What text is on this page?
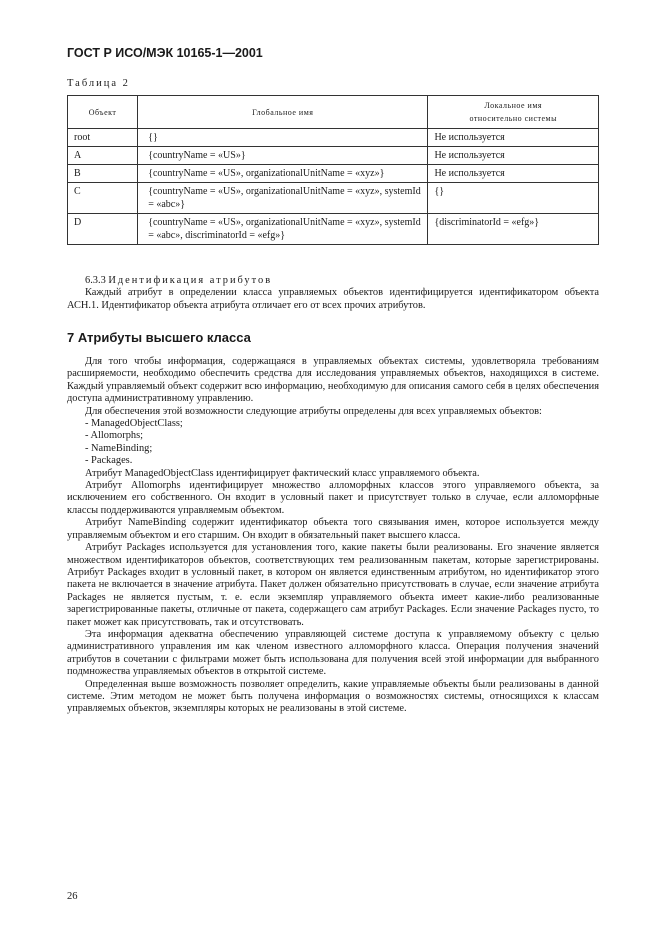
ГОСТ Р ИСО/МЭК 10165-1—2001
Таблица 2
Объект	Глобальное имя	Локальное имя
относительно системы
root	{}	Не используется
A	{countryName = «US»}	Не используется
B	{countryName = «US», organizationalUnitName = «xyz»}	Не используется
C	{countryName = «US», organizationalUnitName = «xyz», systemId = «abc»}	{}
D	{countryName = «US», organizationalUnitName = «xyz», systemId = «abc», discriminatorId = «efg»}	{discriminatorId = «efg»}

6.3.3 Идентификация атрибутов

Каждый атрибут в определении класса управляемых объектов идентифицируется идентификатором объекта АСН.1. Идентификатор объекта атрибута отличает его от всех прочих атрибутов.

7 Атрибуты высшего класса

Для того чтобы информация, содержащаяся в управляемых объектах системы, удовлетворяла требованиям расширяемости, необходимо обеспечить средства для исследования управляемых объектов, находящихся в системе. Каждый управляемый объект содержит всю информацию, необходимую для описания самого себя в целях обеспечения доступа административному управлению.

Для обеспечения этой возможности следующие атрибуты определены для всех управляемых объектов:

- ManagedObjectClass;
- Allomorphs;
- NameBinding;
- Packages.

Атрибут ManagedObjectClass идентифицирует фактический класс управляемого объекта.

Атрибут Allomorphs идентифицирует множество алломорфных классов этого управляемого объекта, за исключением его собственного. Он входит в условный пакет и присутствует только в случае, если алломорфные классы поддерживаются управляемым объектом.

Атрибут NameBinding содержит идентификатор объекта того связывания имен, которое используется между управляемым объектом и его старшим. Он входит в обязательный пакет высшего класса.

Атрибут Packages используется для установления того, какие пакеты были реализованы. Его значение является множеством идентификаторов объектов, соответствующих тем реализованным пакетам, которые зарегистрированы. Атрибут Packages входит в условный пакет, в котором он является единственным атрибутом, но идентификатор этого пакета не включается в значение атрибута. Пакет должен обязательно присутствовать в случае, если значение атрибута Packages не является пустым, т. е. если экземпляр управляемого объекта имеет какие-либо реализованные зарегистрированные пакеты, отличные от пакета, содержащего сам атрибут Packages. Если значение Packages пусто, то пакет может как присутствовать, так и отсутствовать.

Эта информация адекватна обеспечению управляющей системе доступа к управляемому объекту с целью административного управления им как членом известного алломорфного класса. Операция получения значений атрибутов в сочетании с фильтрами может быть использована для получения всей этой информации для выбранного подмножества управляемых объектов в открытой системе.

Определенная выше возможность позволяет определить, какие управляемые объекты были реализованы в данной системе. Этим методом не может быть получена информация о возможностях системы, относящихся к классам управляемых объектов, экземпляры которых не реализованы в этой системе.

26
